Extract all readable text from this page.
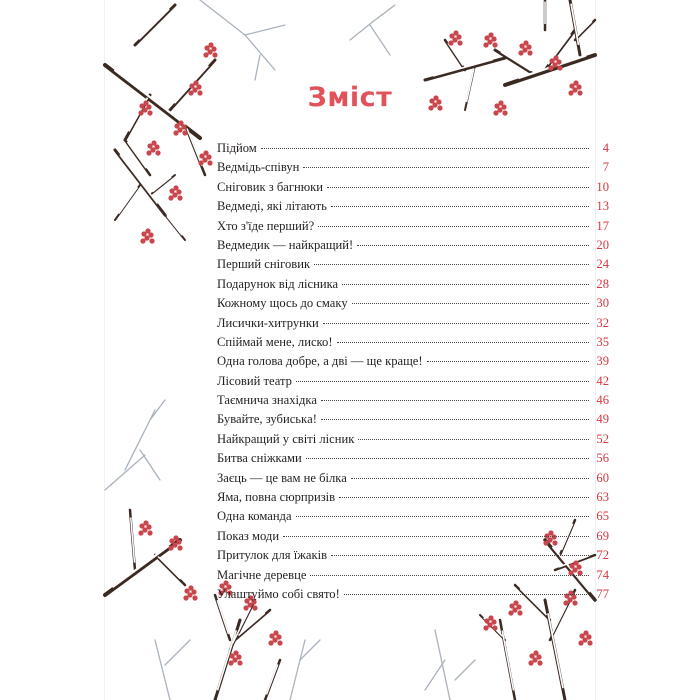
Зміст
Підйом	4
Ведмідь-співун	7
Сніговик з багнюки	10
Ведмеді, які літають	13
Хто з'їде перший?	17
Ведмедик — найкращий!	20
Перший сніговик	24
Подарунок від лісника	28
Кожному щось до смаку	30
Лисички-хитрунки	32
Спіймай мене, лиско!	35
Одна голова добре, а дві — ще краще!	39
Лісовий театр	42
Таємнича знахідка	46
Бувайте, зубиськa!	49
Найкращий у світі лісник	52
Битва сніжками	56
Заєць — це вам не білка	60
Яма, повна сюрпризів	63
Одна команда	65
Показ моди	69
Притулок для їжаків	72
Магічне деревце	74
Улаштуймо собі свято!	77
